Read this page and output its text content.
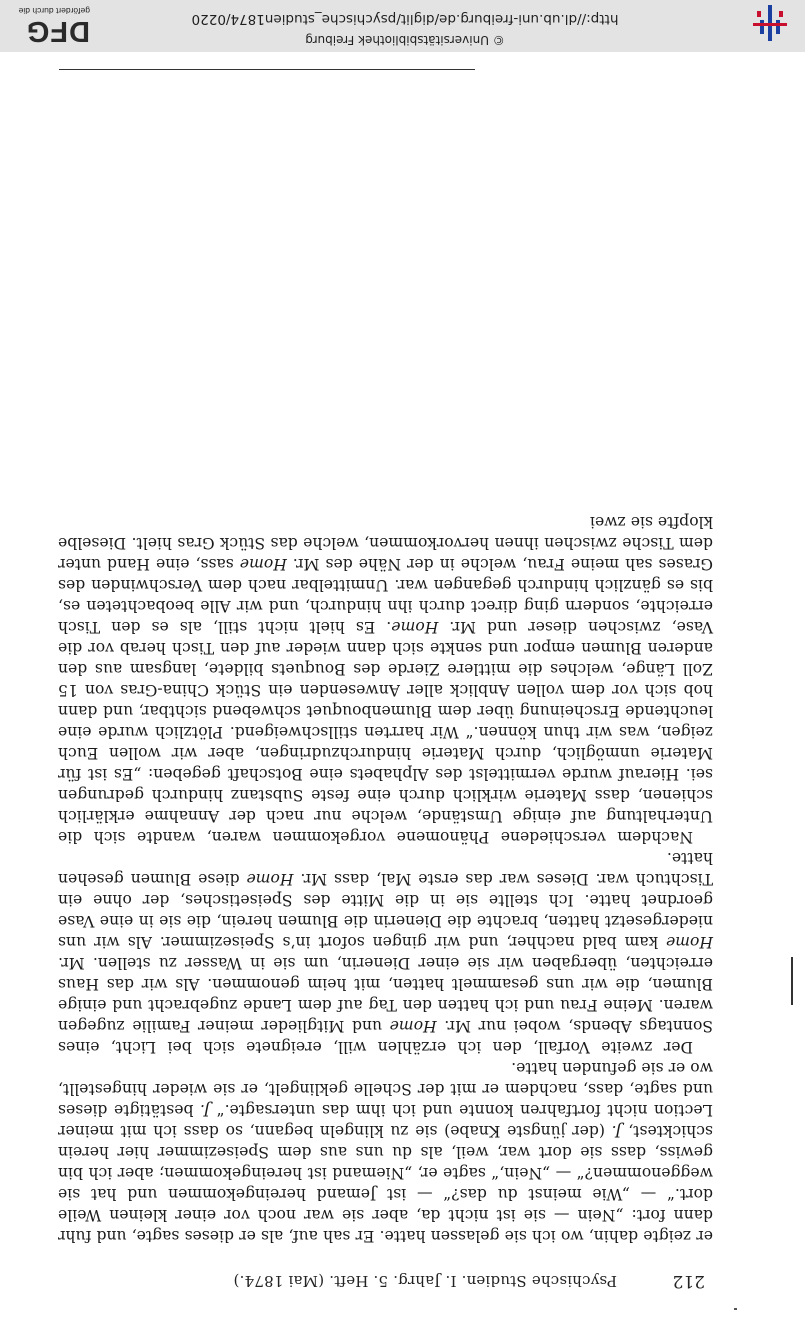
212
Psychische Studien. I. Jahrg. 5. Heft. (Mai 1874.)

er zeigte dahin, wo ich sie gelassen hatte. Er sah auf, als er dieses sagte, und fuhr dann fort: „Nein — sie ist nicht da, aber sie war noch vor einer kleinen Weile dort.“ — „Wie meinst du das?“ — ist Jemand hereingekommen und hat sie weggenommen?“ — „Nein,“ sagte er, „Niemand ist hereingekommen; aber ich bin gewiss, dass sie dort war, weil, als du uns aus dem Speisezimmer hier herein schicktest, J. (der jüngste Knabe) sie zu klingeln begann, so dass ich mit meiner Lection nicht fortfahren konnte und ich ihm das untersagte.“ J. bestätigte dieses und sagte, dass, nachdem er mit der Schelle geklingelt, er sie wieder hingestellt, wo er sie gefunden hatte.

Der zweite Vorfall, den ich erzählen will, ereignete sich bei Licht, eines Sonntags Abends, wobei nur Mr. Home und Mitglieder meiner Familie zugegen waren. Meine Frau und ich hatten den Tag auf dem Lande zugebracht und einige Blumen, die wir uns gesammelt hatten, mit heim genommen. Als wir das Haus erreichten, übergaben wir sie einer Dienerin, um sie in Wasser zu stellen. Mr. Home kam bald nachher, und wir gingen sofort in’s Speisezimmer. Als wir uns niedergesetzt hatten, brachte die Dienerin die Blumen herein, die sie in eine Vase geordnet hatte. Ich stellte sie in die Mitte des Speisetisches, der ohne ein Tischtuch war. Dieses war das erste Mal, dass Mr. Home diese Blumen gesehen hatte.

Nachdem verschiedene Phänomene vorgekommen waren, wandte sich die Unterhaltung auf einige Umstände, welche nur nach der Annahme erklärlich schienen, dass Materie wirklich durch eine feste Substanz hindurch gedrungen sei. Hierauf wurde vermittelst des Alphabets eine Botschaft gegeben: „Es ist für Materie unmöglich, durch Materie hindurchzudringen, aber wir wollen Euch zeigen, was wir thun können.“ Wir harrten stillschweigend. Plötzlich wurde eine leuchtende Erscheinung über dem Blumenbouquet schwebend sichtbar, und dann hob sich vor dem vollen Anblick aller Anwesenden ein Stück China-Gras von 15 Zoll Länge, welches die mittlere Zierde des Bouquets bildete, langsam aus den anderen Blumen empor und senkte sich dann wieder auf den Tisch herab vor die Vase, zwischen dieser und Mr. Home. Es hielt nicht still, als es den Tisch erreichte, sondern ging direct durch ihn hindurch, und wir Alle beobachteten es, bis es gänzlich hindurch gegangen war. Unmittelbar nach dem Verschwinden des Grases sah meine Frau, welche in der Nähe des Mr. Home sass, eine Hand unter dem Tische zwischen ihnen hervorkommen, welche das Stück Gras hielt. Dieselbe klopfte sie zwei

© Universitätsbibliothek Freiburg
http://dl.ub.uni-freiburg.de/diglit/psychische_studien1874/0220
DFG
gefördert durch die
